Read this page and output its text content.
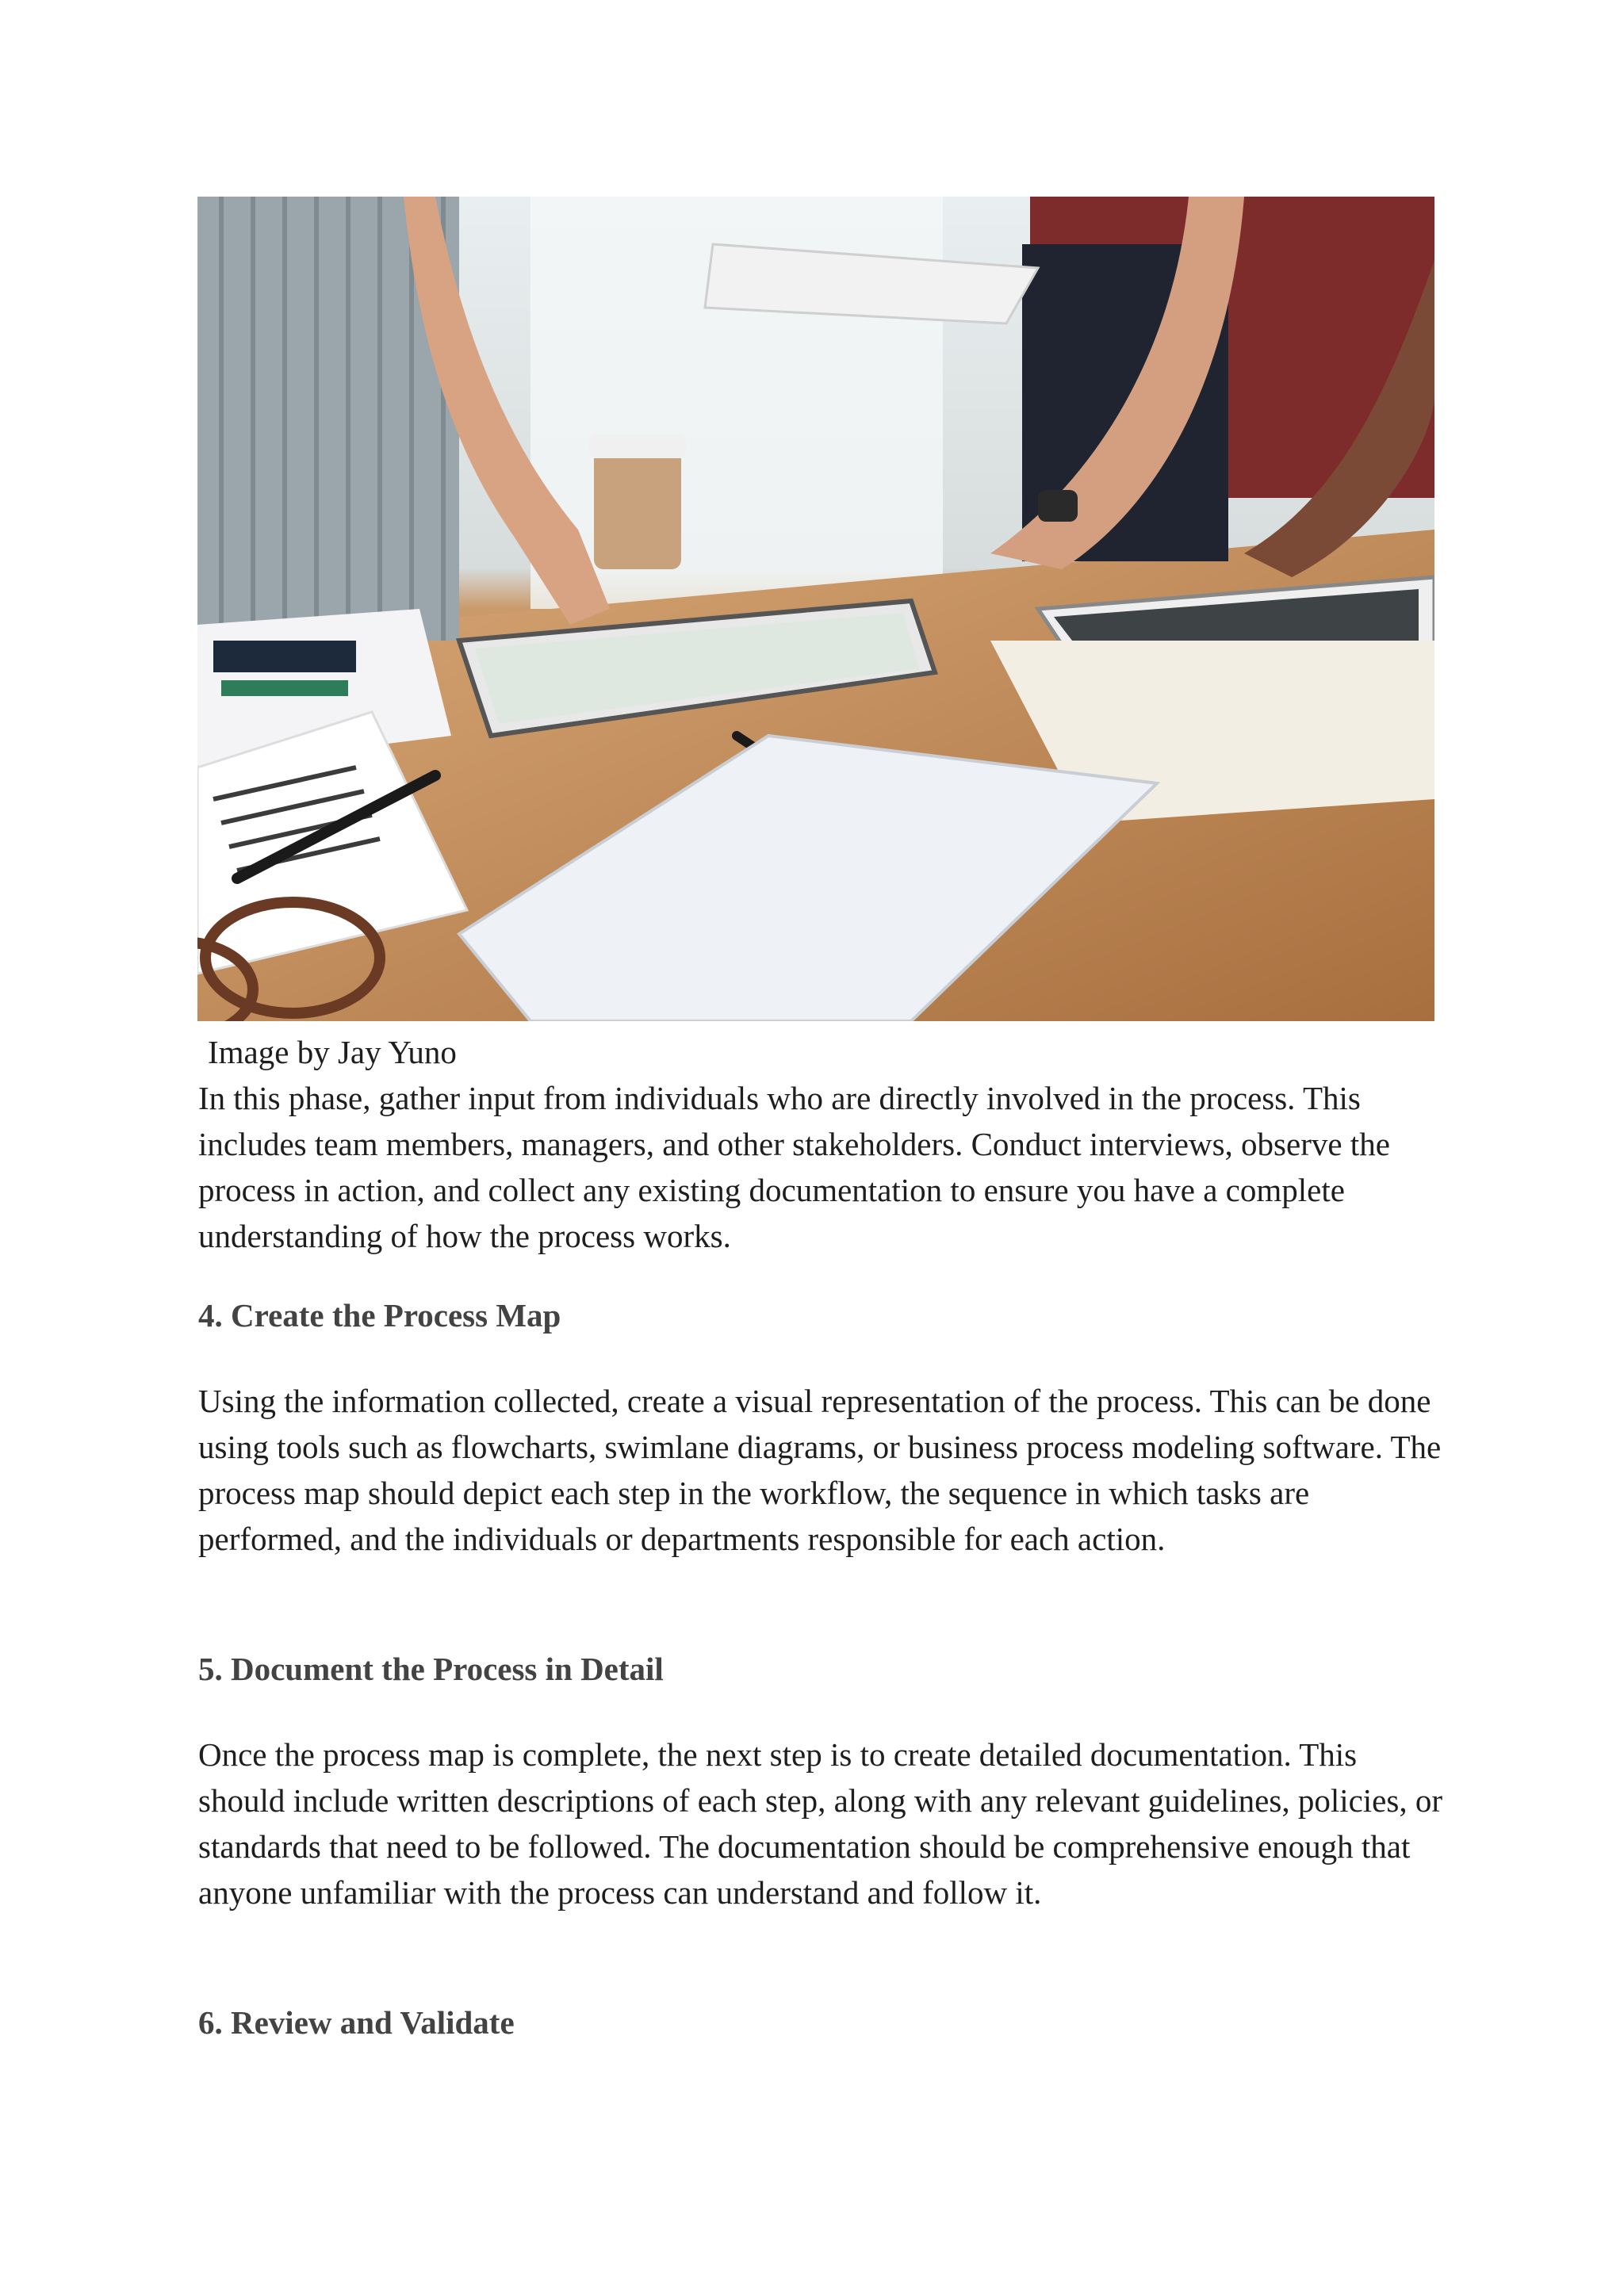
Image by Jay Yuno

In this phase, gather input from individuals who are directly involved in the process. This includes team members, managers, and other stakeholders. Conduct interviews, observe the process in action, and collect any existing documentation to ensure you have a complete understanding of how the process works.

4. Create the Process Map

Using the information collected, create a visual representation of the process. This can be done using tools such as flowcharts, swimlane diagrams, or business process modeling software. The process map should depict each step in the workflow, the sequence in which tasks are performed, and the individuals or departments responsible for each action.

5. Document the Process in Detail

Once the process map is complete, the next step is to create detailed documentation. This should include written descriptions of each step, along with any relevant guidelines, policies, or standards that need to be followed. The documentation should be comprehensive enough that anyone unfamiliar with the process can understand and follow it.

6. Review and Validate
